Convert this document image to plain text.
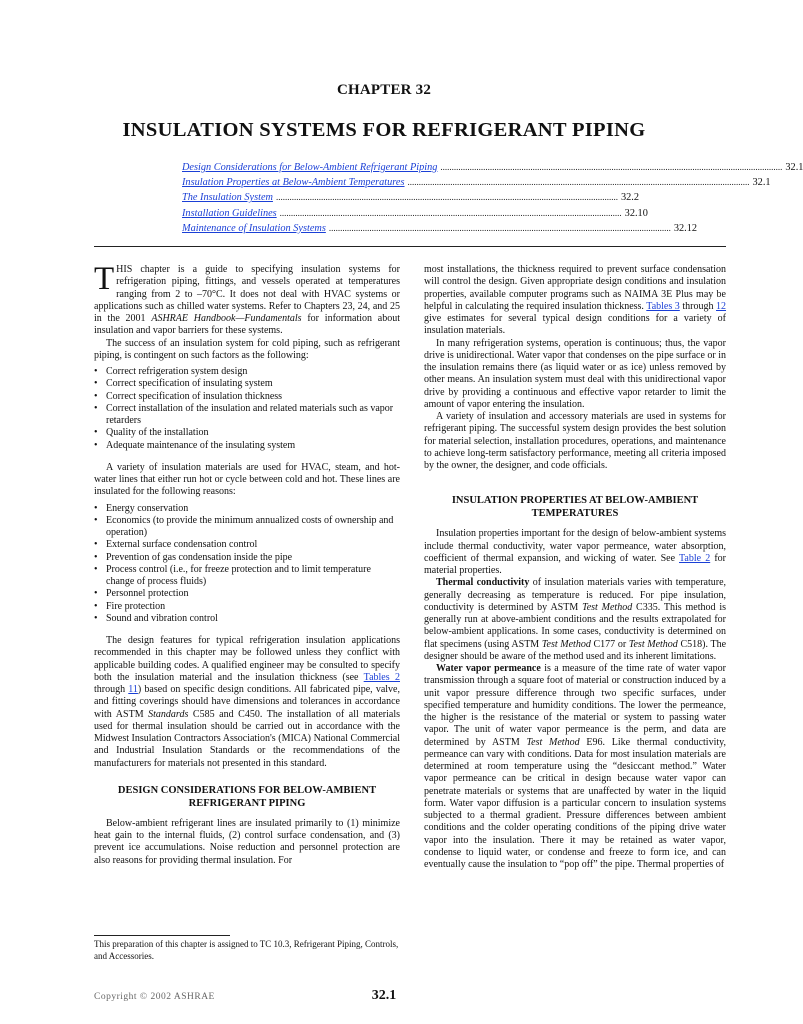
CHAPTER 32
INSULATION SYSTEMS FOR REFRIGERANT PIPING
Design Considerations for Below-Ambient Refrigerant Piping ........................................................................................................................................................ 32.1
Insulation Properties at Below-Ambient Temperatures ........................................................................................................................................................ 32.1
The Insulation System ........................................................................................................................................................ 32.2
Installation Guidelines ........................................................................................................................................................ 32.10
Maintenance of Insulation Systems ........................................................................................................................................................ 32.12

THIS chapter is a guide to specifying insulation systems for refrigeration piping, fittings, and vessels operated at temperatures ranging from 2 to –70°C. It does not deal with HVAC systems or applications such as chilled water systems. Refer to Chapters 23, 24, and 25 in the 2001 ASHRAE Handbook—Fundamentals for information about insulation and vapor barriers for these systems.

The success of an insulation system for cold piping, such as refrigerant piping, is contingent on such factors as the following:

• Correct refrigeration system design
• Correct specification of insulating system
• Correct specification of insulation thickness
• Correct installation of the insulation and related materials such as vapor retarders
• Quality of the installation
• Adequate maintenance of the insulating system

A variety of insulation materials are used for HVAC, steam, and hot-water lines that either run hot or cycle between cold and hot. These lines are insulated for the following reasons:

• Energy conservation
• Economics (to provide the minimum annualized costs of ownership and operation)
• External surface condensation control
• Prevention of gas condensation inside the pipe
• Process control (i.e., for freeze protection and to limit temperature change of process fluids)
• Personnel protection
• Fire protection
• Sound and vibration control

The design features for typical refrigeration insulation applications recommended in this chapter may be followed unless they conflict with applicable building codes. A qualified engineer may be consulted to specify both the insulation material and the insulation thickness (see Tables 2 through 11) based on specific design conditions. All fabricated pipe, valve, and fitting coverings should have dimensions and tolerances in accordance with ASTM Standards C585 and C450. The installation of all materials used for thermal insulation should be carried out in accordance with the Midwest Insulation Contractors Association's (MICA) National Commercial and Industrial Insulation Standards or the recommendations of the manufacturers for materials not presented in this standard.

DESIGN CONSIDERATIONS FOR BELOW-AMBIENT REFRIGERANT PIPING

Below-ambient refrigerant lines are insulated primarily to (1) minimize heat gain to the internal fluids, (2) control surface condensation, and (3) prevent ice accumulations. Noise reduction and personnel protection are also reasons for providing thermal insulation. For

most installations, the thickness required to prevent surface condensation will control the design. Given appropriate design conditions and insulation properties, available computer programs such as NAIMA 3E Plus may be helpful in calculating the required insulation thickness. Tables 3 through 12 give estimates for several typical design conditions for a variety of insulation materials.

In many refrigeration systems, operation is continuous; thus, the vapor drive is unidirectional. Water vapor that condenses on the pipe surface or in the insulation remains there (as liquid water or as ice) unless removed by other means. An insulation system must deal with this unidirectional vapor drive by providing a continuous and effective vapor retarder to limit the amount of vapor entering the insulation.

A variety of insulation and accessory materials are used in systems for refrigerant piping. The successful system design provides the best solution for material selection, installation procedures, operations, and maintenance to achieve long-term satisfactory performance, meeting all criteria imposed by the owner, the designer, and code officials.

INSULATION PROPERTIES AT BELOW-AMBIENT TEMPERATURES

Insulation properties important for the design of below-ambient systems include thermal conductivity, water vapor permeance, water absorption, coefficient of thermal expansion, and wicking of water. See Table 2 for material properties.

Thermal conductivity of insulation materials varies with temperature, generally decreasing as temperature is reduced. For pipe insulation, conductivity is determined by ASTM Test Method C335. This method is generally run at above-ambient conditions and the results extrapolated for below-ambient applications. In some cases, conductivity is determined on flat specimens (using ASTM Test Method C177 or Test Method C518). The designer should be aware of the method used and its inherent limitations.

Water vapor permeance is a measure of the time rate of water vapor transmission through a square foot of material or construction induced by a unit vapor pressure difference through two specific surfaces, under specified temperature and humidity conditions. The lower the permeance, the higher is the resistance of the material or system to passing water vapor. The unit of water vapor permeance is the perm, and data are determined by ASTM Test Method E96. Like thermal conductivity, permeance can vary with conditions. Data for most insulation materials are determined at room temperature using the “desiccant method.” Water vapor permeance can be critical in design because water vapor can penetrate materials or systems that are unaffected by water in the liquid form. Water vapor diffusion is a particular concern to insulation systems subjected to a thermal gradient. Pressure differences between ambient conditions and the colder operating conditions of the piping drive water vapor into the insulation. There it may be retained as water vapor, condense to liquid water, or condense and freeze to form ice, and can eventually cause the insulation to “pop off” the pipe. Thermal properties of

This preparation of this chapter is assigned to TC 10.3, Refrigerant Piping, Controls, and Accessories.
Copyright © 2002 ASHRAE	32.1
